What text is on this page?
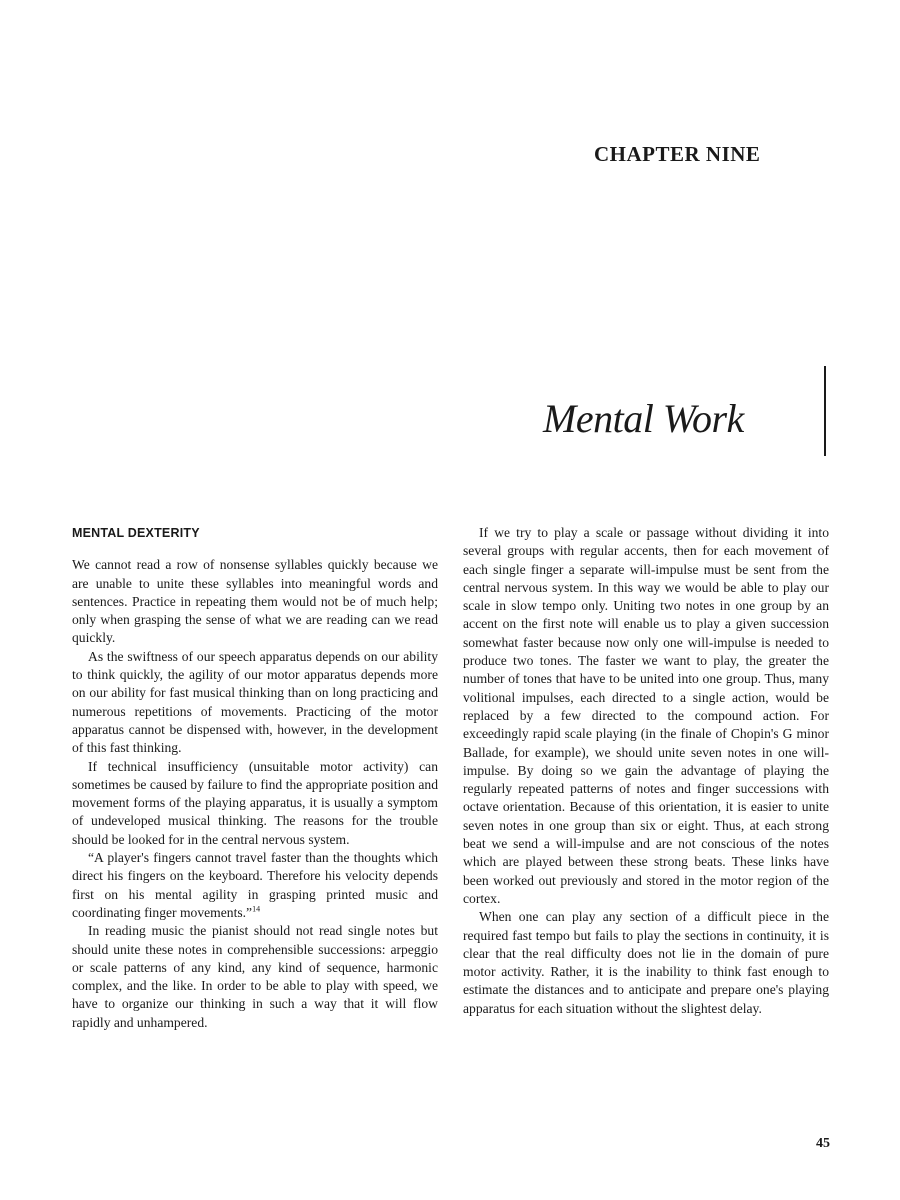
CHAPTER NINE
Mental Work
MENTAL DEXTERITY

We cannot read a row of nonsense syllables quickly because we are unable to unite these syllables into meaningful words and sentences. Practice in repeating them would not be of much help; only when grasping the sense of what we are reading can we read quickly.

As the swiftness of our speech apparatus depends on our ability to think quickly, the agility of our motor apparatus depends more on our ability for fast musical thinking than on long practicing and numerous repetitions of movements. Practicing of the motor apparatus cannot be dispensed with, however, in the development of this fast thinking.

If technical insufficiency (unsuitable motor activity) can sometimes be caused by failure to find the appropriate position and movement forms of the playing apparatus, it is usually a symptom of undeveloped musical thinking. The reasons for the trouble should be looked for in the central nervous system.

“A player's fingers cannot travel faster than the thoughts which direct his fingers on the keyboard. Therefore his velocity depends first on his mental agility in grasping printed music and coordinating finger movements.”$^{14}$

In reading music the pianist should not read single notes but should unite these notes in comprehensible successions: arpeggio or scale patterns of any kind, any kind of sequence, harmonic complex, and the like. In order to be able to play with speed, we have to organize our thinking in such a way that it will flow rapidly and unhampered.

If we try to play a scale or passage without dividing it into several groups with regular accents, then for each movement of each single finger a separate will-impulse must be sent from the central nervous system. In this way we would be able to play our scale in slow tempo only. Uniting two notes in one group by an accent on the first note will enable us to play a given succession somewhat faster because now only one will-impulse is needed to produce two tones. The faster we want to play, the greater the number of tones that have to be united into one group. Thus, many volitional impulses, each directed to a single action, would be replaced by a few directed to the compound action. For exceedingly rapid scale playing (in the finale of Chopin's G minor Ballade, for example), we should unite seven notes in one will-impulse. By doing so we gain the advantage of playing the regularly repeated patterns of notes and finger successions with octave orientation. Because of this orientation, it is easier to unite seven notes in one group than six or eight. Thus, at each strong beat we send a will-impulse and are not conscious of the notes which are played between these strong beats. These links have been worked out previously and stored in the motor region of the cortex.

When one can play any section of a difficult piece in the required fast tempo but fails to play the sections in continuity, it is clear that the real difficulty does not lie in the domain of pure motor activity. Rather, it is the inability to think fast enough to estimate the distances and to anticipate and prepare one's playing apparatus for each situation without the slightest delay.

45
